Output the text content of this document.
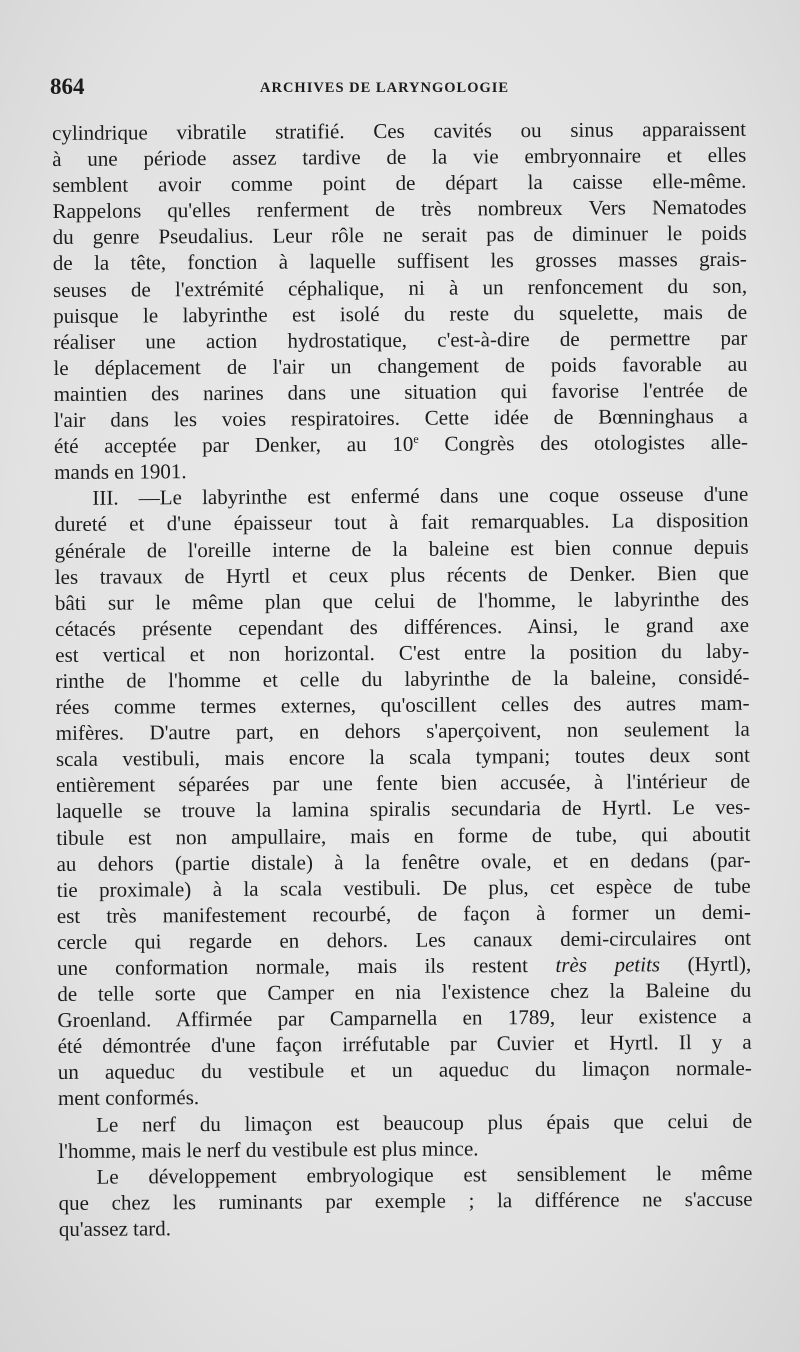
864	ARCHIVES DE LARYNGOLOGIE
cylindrique vibratile stratifié. Ces cavités ou sinus apparaissent
à une période assez tardive de la vie embryonnaire et elles
semblent avoir comme point de départ la caisse elle-même.
Rappelons qu'elles renferment de très nombreux Vers Nematodes
du genre Pseudalius. Leur rôle ne serait pas de diminuer le poids
de la tête, fonction à laquelle suffisent les grosses masses grais-
seuses de l'extrémité céphalique, ni à un renfoncement du son,
puisque le labyrinthe est isolé du reste du squelette, mais de
réaliser une action hydrostatique, c'est-à-dire de permettre par
le déplacement de l'air un changement de poids favorable au
maintien des narines dans une situation qui favorise l'entrée de
l'air dans les voies respiratoires. Cette idée de Bœnninghaus a
été acceptée par Denker, au 10e Congrès des otologistes alle-
mands en 1901.
III. —Le labyrinthe est enfermé dans une coque osseuse d'une
dureté et d'une épaisseur tout à fait remarquables. La disposition
générale de l'oreille interne de la baleine est bien connue depuis
les travaux de Hyrtl et ceux plus récents de Denker. Bien que
bâti sur le même plan que celui de l'homme, le labyrinthe des
cétacés présente cependant des différences. Ainsi, le grand axe
est vertical et non horizontal. C'est entre la position du laby-
rinthe de l'homme et celle du labyrinthe de la baleine, considé-
rées comme termes externes, qu'oscillent celles des autres mam-
mifères. D'autre part, en dehors s'aperçoivent, non seulement la
scala vestibuli, mais encore la scala tympani; toutes deux sont
entièrement séparées par une fente bien accusée, à l'intérieur de
laquelle se trouve la lamina spiralis secundaria de Hyrtl. Le ves-
tibule est non ampullaire, mais en forme de tube, qui aboutit
au dehors (partie distale) à la fenêtre ovale, et en dedans (par-
tie proximale) à la scala vestibuli. De plus, cet espèce de tube
est très manifestement recourbé, de façon à former un demi-
cercle qui regarde en dehors. Les canaux demi-circulaires ont
une conformation normale, mais ils restent très petits (Hyrtl),
de telle sorte que Camper en nia l'existence chez la Baleine du
Groenland. Affirmée par Camparnella en 1789, leur existence a
été démontrée d'une façon irréfutable par Cuvier et Hyrtl. Il y a
un aqueduc du vestibule et un aqueduc du limaçon normale-
ment conformés.
Le nerf du limaçon est beaucoup plus épais que celui de
l'homme, mais le nerf du vestibule est plus mince.
Le développement embryologique est sensiblement le même
que chez les ruminants par exemple ; la différence ne s'accuse
qu'assez tard.
